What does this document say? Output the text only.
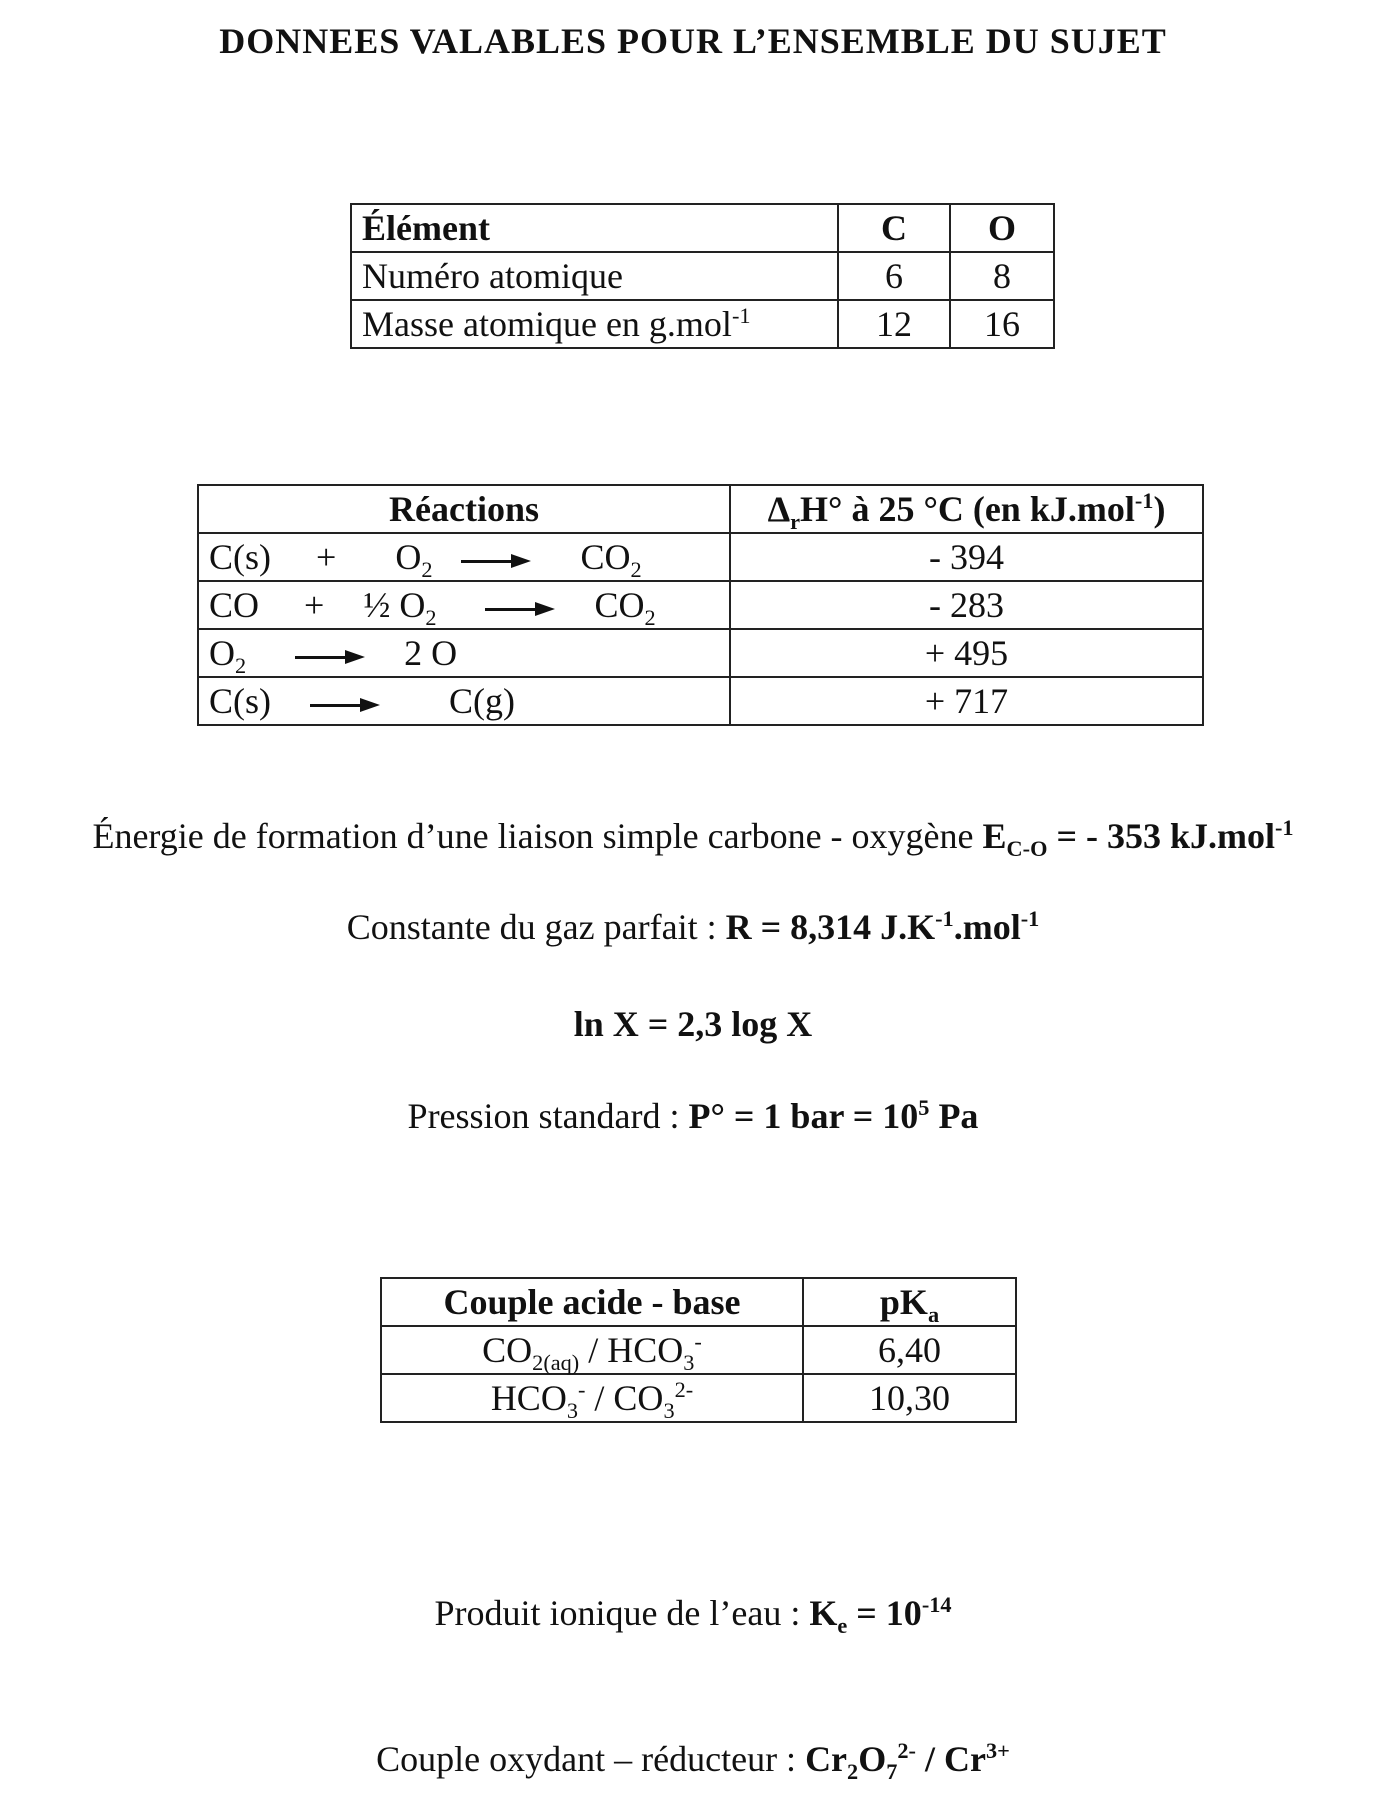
DONNEES VALABLES POUR L’ENSEMBLE DU SUJET
Élément	C	O
Numéro atomique	6	8
Masse atomique en g.mol$^{-1}$	12	16
Réactions	$\Delta_rH^\circ$ à 25 °C (en kJ.mol$^{-1}$)
$C(s) + O_2$ $CO_2$	- 394
CO + ½ $O_2$ $CO_2$	- 283
$O_2$ 2 O	+ 495
C(s) C(g)	+ 717

Énergie de formation d’une liaison simple carbone - oxygène $E_{C-O}$ = - 353 kJ.mol$^{-1}$

Constante du gaz parfait : R = 8,314 $J.K^{-1}.mol^{-1}$

ln X = 2,3 log X

Pression standard : P° = 1 bar = $10^5$ Pa

Couple acide - base	$pK_a$
$CO_{2(aq)} / HCO_3^-$	6,40
$HCO_3^- / CO_3^{2-}$	10,30

Produit ionique de l’eau : $K_e = 10^{-14}$

Couple oxydant – réducteur : $Cr_2O_7^{2-} / Cr^{3+}$
